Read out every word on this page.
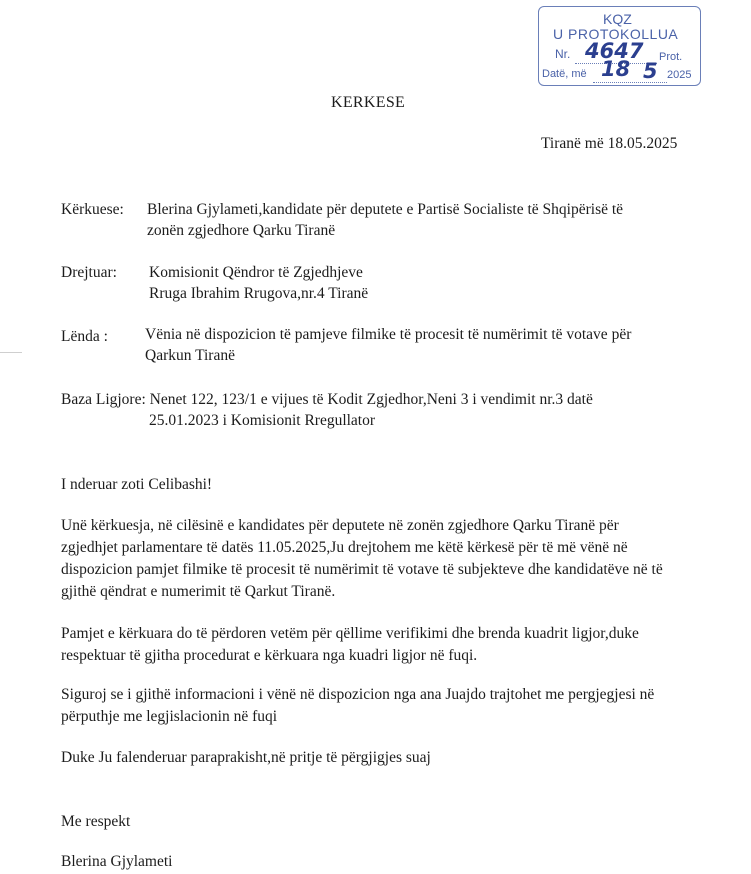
KQZ
U PROTOKOLLUA
Nr. 4647 Prot.
Datë, më 18 5 2025
KERKESE
Tiranë më 18.05.2025
Kërkuese: Blerina Gjylameti,kandidate për deputete e Partisë Socialiste të Shqipërisë të
zonën zgjedhore Qarku Tiranë
Drejtuar: Komisionit Qëndror të Zgjedhjeve
Rruga Ibrahim Rrugova,nr.4 Tiranë
Lënda : Vënia në dispozicion të pamjeve filmike të procesit të numërimit të votave për
Qarkun Tiranë
Baza Ligjore: Nenet 122, 123/1 e vijues të Kodit Zgjedhor,Neni 3 i vendimit nr.3 datë
25.01.2023 i Komisionit Rregullator
I nderuar zoti Celibashi!
Unë kërkuesja, në cilësinë e kandidates për deputete në zonën zgjedhore Qarku Tiranë për
zgjedhjet parlamentare të datës 11.05.2025,Ju drejtohem me këtë kërkesë për të më vënë në
dispozicion pamjet filmike të procesit të numërimit të votave të subjekteve dhe kandidatëve në të
gjithë qëndrat e numerimit të Qarkut Tiranë.
Pamjet e kërkuara do të përdoren vetëm për qëllime verifikimi dhe brenda kuadrit ligjor,duke
respektuar të gjitha procedurat e kërkuara nga kuadri ligjor në fuqi.
Siguroj se i gjithë informacioni i vënë në dispozicion nga ana Juajdo trajtohet me pergjegjesi në
përputhje me legjislacionin në fuqi
Duke Ju falenderuar paraprakisht,në pritje të përgjigjes suaj
Me respekt
Blerina Gjylameti
